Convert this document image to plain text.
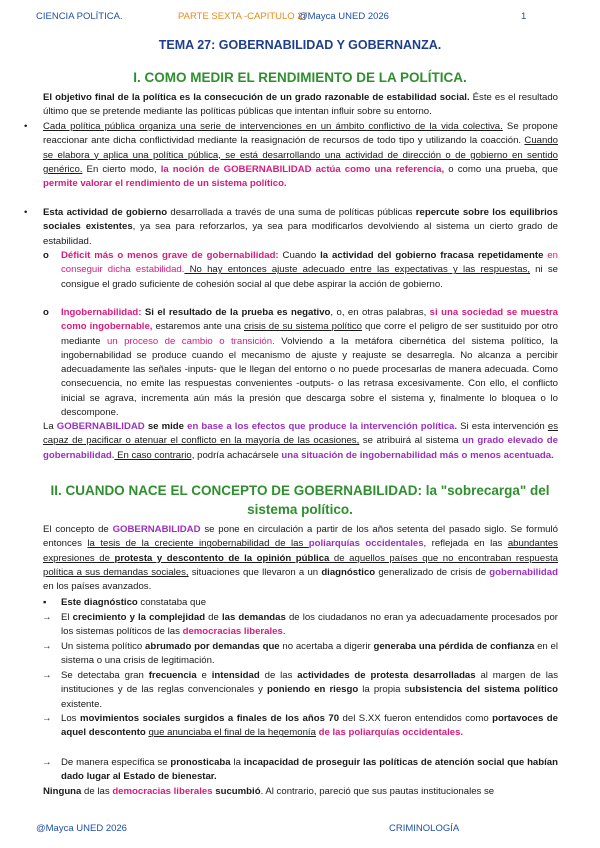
CIENCIA POLÍTICA.	PARTE SEXTA -CAPITULO 27.
@Mayca UNED 2026	1
TEMA 27: GOBERNABILIDAD Y GOBERNANZA.
I. COMO MEDIR EL RENDIMIENTO DE LA POLÍTICA.

El objetivo final de la política es la consecución de un grado razonable de estabilidad social. Éste es el resultado último que se pretende mediante las políticas públicas que intentan influir sobre su entorno.

• Cada política pública organiza una serie de intervenciones en un ámbito conflictivo de la vida colectiva. Se propone reaccionar ante dicha conflictividad mediante la reasignación de recursos de todo tipo y utilizando la coacción. Cuando se elabora y aplica una política pública, se está desarrollando una actividad de dirección o de gobierno en sentido genérico. En cierto modo, la noción de GOBERNABILIDAD actúa como una referencia, o como una prueba, que permite valorar el rendimiento de un sistema político.

• Esta actividad de gobierno desarrollada a través de una suma de políticas públicas repercute sobre los equilibrios sociales existentes, ya sea para reforzarlos, ya sea para modificarlos devolviendo al sistema un cierto grado de estabilidad.

o Déficit más o menos grave de gobernabilidad: Cuando la actividad del gobierno fracasa repetidamente en conseguir dicha estabilidad. No hay entonces ajuste adecuado entre las expectativas y las respuestas, ni se consigue el grado suficiente de cohesión social al que debe aspirar la acción de gobierno.

o Ingobernabilidad: Si el resultado de la prueba es negativo, o, en otras palabras, si una sociedad se muestra como ingobernable, estaremos ante una crisis de su sistema político que corre el peligro de ser sustituido por otro mediante un proceso de cambio o transición. Volviendo a la metáfora cibernética del sistema político, la ingobernabilidad se produce cuando el mecanismo de ajuste y reajuste se desarregla. No alcanza a percibir adecuadamente las señales -inputs- que le llegan del entorno o no puede procesarlas de manera adecuada. Como consecuencia, no emite las respuestas convenientes -outputs- o las retrasa excesivamente. Con ello, el conflicto inicial se agrava, incrementa aún más la presión que descarga sobre el sistema y, finalmente lo bloquea o lo descompone.

La GOBERNABILIDAD se mide en base a los efectos que produce la intervención política. Si esta intervención es capaz de pacificar o atenuar el conflicto en la mayoría de las ocasiones, se atribuirá al sistema un grado elevado de gobernabilidad. En caso contrario, podría achacársele una situación de ingobernabilidad más o menos acentuada.

II. CUANDO NACE EL CONCEPTO DE GOBERNABILIDAD: la "sobrecarga" del
sistema político.

El concepto de GOBERNABILIDAD se pone en circulación a partir de los años setenta del pasado siglo. Se formuló entonces la tesis de la creciente ingobernabilidad de las poliarquías occidentales, reflejada en las abundantes expresiones de protesta y descontento de la opinión pública de aquellos países que no encontraban respuesta política a sus demandas sociales, situaciones que llevaron a un diagnóstico generalizado de crisis de gobernabilidad en los países avanzados.

▪ Este diagnóstico constataba que

→ El crecimiento y la complejidad de las demandas de los ciudadanos no eran ya adecuadamente procesados por los sistemas políticos de las democracias liberales.

→ Un sistema político abrumado por demandas que no acertaba a digerir generaba una pérdida de confianza en el sistema o una crisis de legitimación.

→ Se detectaba gran frecuencia e intensidad de las actividades de protesta desarrolladas al margen de las instituciones y de las reglas convencionales y poniendo en riesgo la propia subsistencia del sistema político existente.

→ Los movimientos sociales surgidos a finales de los años 70 del S.XX fueron entendidos como portavoces de aquel descontento que anunciaba el final de la hegemonía de las poliarquías occidentales.

→ De manera específica se pronosticaba la incapacidad de proseguir las políticas de atención social que habían dado lugar al Estado de bienestar.

Ninguna de las democracias liberales sucumbió. Al contrario, pareció que sus pautas institucionales se

@Mayca UNED 2026	CRIMINOLOGÍA
